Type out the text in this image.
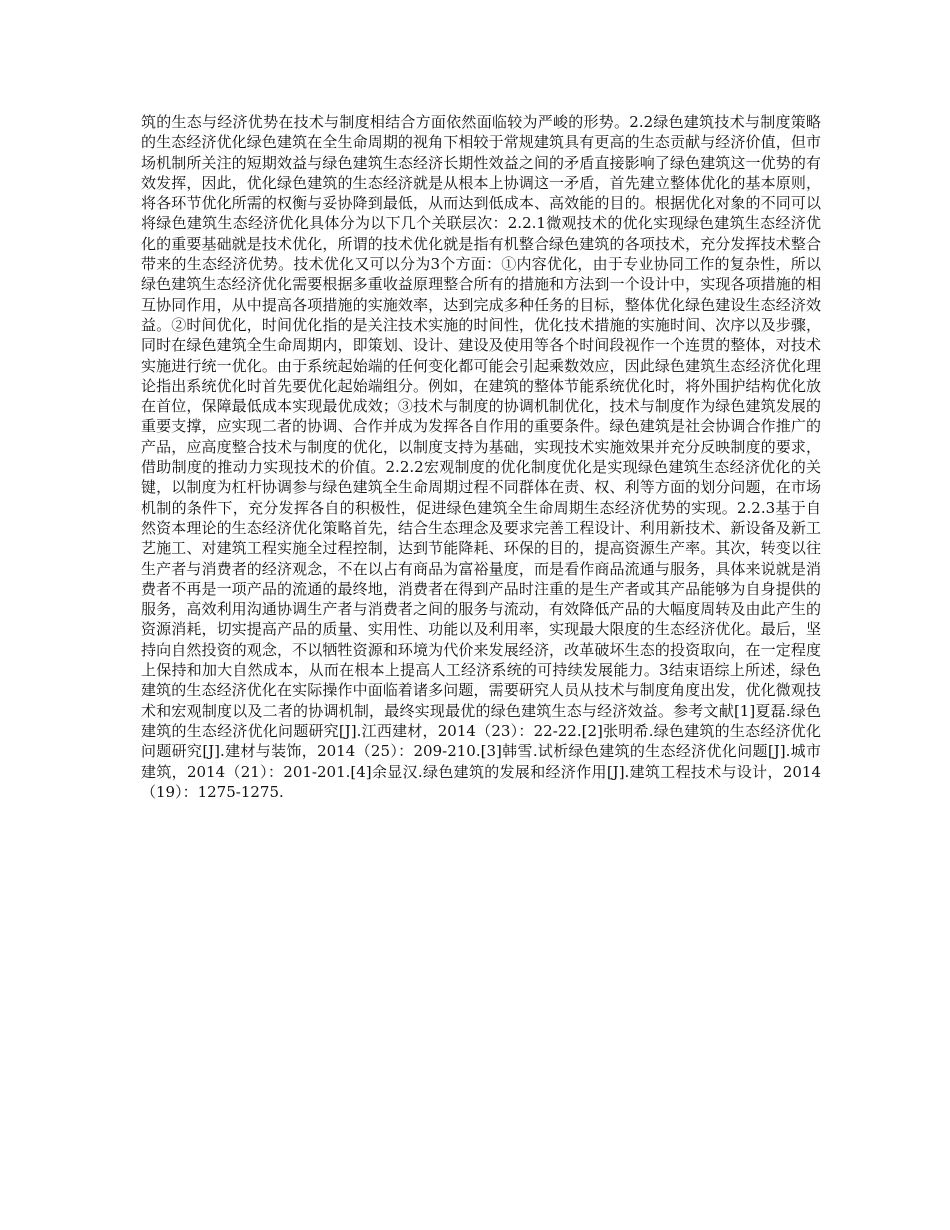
筑的生态与经济优势在技术与制度相结合方面依然面临较为严峻的形势。2.2绿色建筑技术与制度策略的生态经济优化绿色建筑在全生命周期的视角下相较于常规建筑具有更高的生态贡献与经济价值，但市场机制所关注的短期效益与绿色建筑生态经济长期性效益之间的矛盾直接影响了绿色建筑这一优势的有效发挥，因此，优化绿色建筑的生态经济就是从根本上协调这一矛盾，首先建立整体优化的基本原则，将各环节优化所需的权衡与妥协降到最低，从而达到低成本、高效能的目的。根据优化对象的不同可以将绿色建筑生态经济优化具体分为以下几个关联层次：2.2.1微观技术的优化实现绿色建筑生态经济优化的重要基础就是技术优化，所谓的技术优化就是指有机整合绿色建筑的各项技术，充分发挥技术整合带来的生态经济优势。技术优化又可以分为3个方面：①内容优化，由于专业协同工作的复杂性，所以绿色建筑生态经济优化需要根据多重收益原理整合所有的措施和方法到一个设计中，实现各项措施的相互协同作用，从中提高各项措施的实施效率，达到完成多种任务的目标，整体优化绿色建设生态经济效益。②时间优化，时间优化指的是关注技术实施的时间性，优化技术措施的实施时间、次序以及步骤，同时在绿色建筑全生命周期内，即策划、设计、建设及使用等各个时间段视作一个连贯的整体，对技术实施进行统一优化。由于系统起始端的任何变化都可能会引起乘数效应，因此绿色建筑生态经济优化理论指出系统优化时首先要优化起始端组分。例如，在建筑的整体节能系统优化时，将外围护结构优化放在首位，保障最低成本实现最优成效；③技术与制度的协调机制优化，技术与制度作为绿色建筑发展的重要支撑，应实现二者的协调、合作并成为发挥各自作用的重要条件。绿色建筑是社会协调合作推广的产品，应高度整合技术与制度的优化，以制度支持为基础，实现技术实施效果并充分反映制度的要求，借助制度的推动力实现技术的价值。2.2.2宏观制度的优化制度优化是实现绿色建筑生态经济优化的关键，以制度为杠杆协调参与绿色建筑全生命周期过程不同群体在责、权、利等方面的划分问题，在市场机制的条件下，充分发挥各自的积极性，促进绿色建筑全生命周期生态经济优势的实现。2.2.3基于自然资本理论的生态经济优化策略首先，结合生态理念及要求完善工程设计、利用新技术、新设备及新工艺施工、对建筑工程实施全过程控制，达到节能降耗、环保的目的，提高资源生产率。其次，转变以往生产者与消费者的经济观念，不在以占有商品为富裕量度，而是看作商品流通与服务，具体来说就是消费者不再是一项产品的流通的最终地，消费者在得到产品时注重的是生产者或其产品能够为自身提供的服务，高效利用沟通协调生产者与消费者之间的服务与流动，有效降低产品的大幅度周转及由此产生的资源消耗，切实提高产品的质量、实用性、功能以及利用率，实现最大限度的生态经济优化。最后，坚持向自然投资的观念，不以牺牲资源和环境为代价来发展经济，改革破坏生态的投资取向，在一定程度上保持和加大自然成本，从而在根本上提高人工经济系统的可持续发展能力。3结束语综上所述，绿色建筑的生态经济优化在实际操作中面临着诸多问题，需要研究人员从技术与制度角度出发，优化微观技术和宏观制度以及二者的协调机制，最终实现最优的绿色建筑生态与经济效益。参考文献[1]夏磊.绿色建筑的生态经济优化问题研究[J].江西建材，2014（23）：22-22.[2]张明希.绿色建筑的生态经济优化问题研究[J].建材与装饰，2014（25）：209-210.[3]韩雪.试析绿色建筑的生态经济优化问题[J].城市建筑，2014（21）：201-201.[4]余显汉.绿色建筑的发展和经济作用[J].建筑工程技术与设计，2014（19）：1275-1275.
